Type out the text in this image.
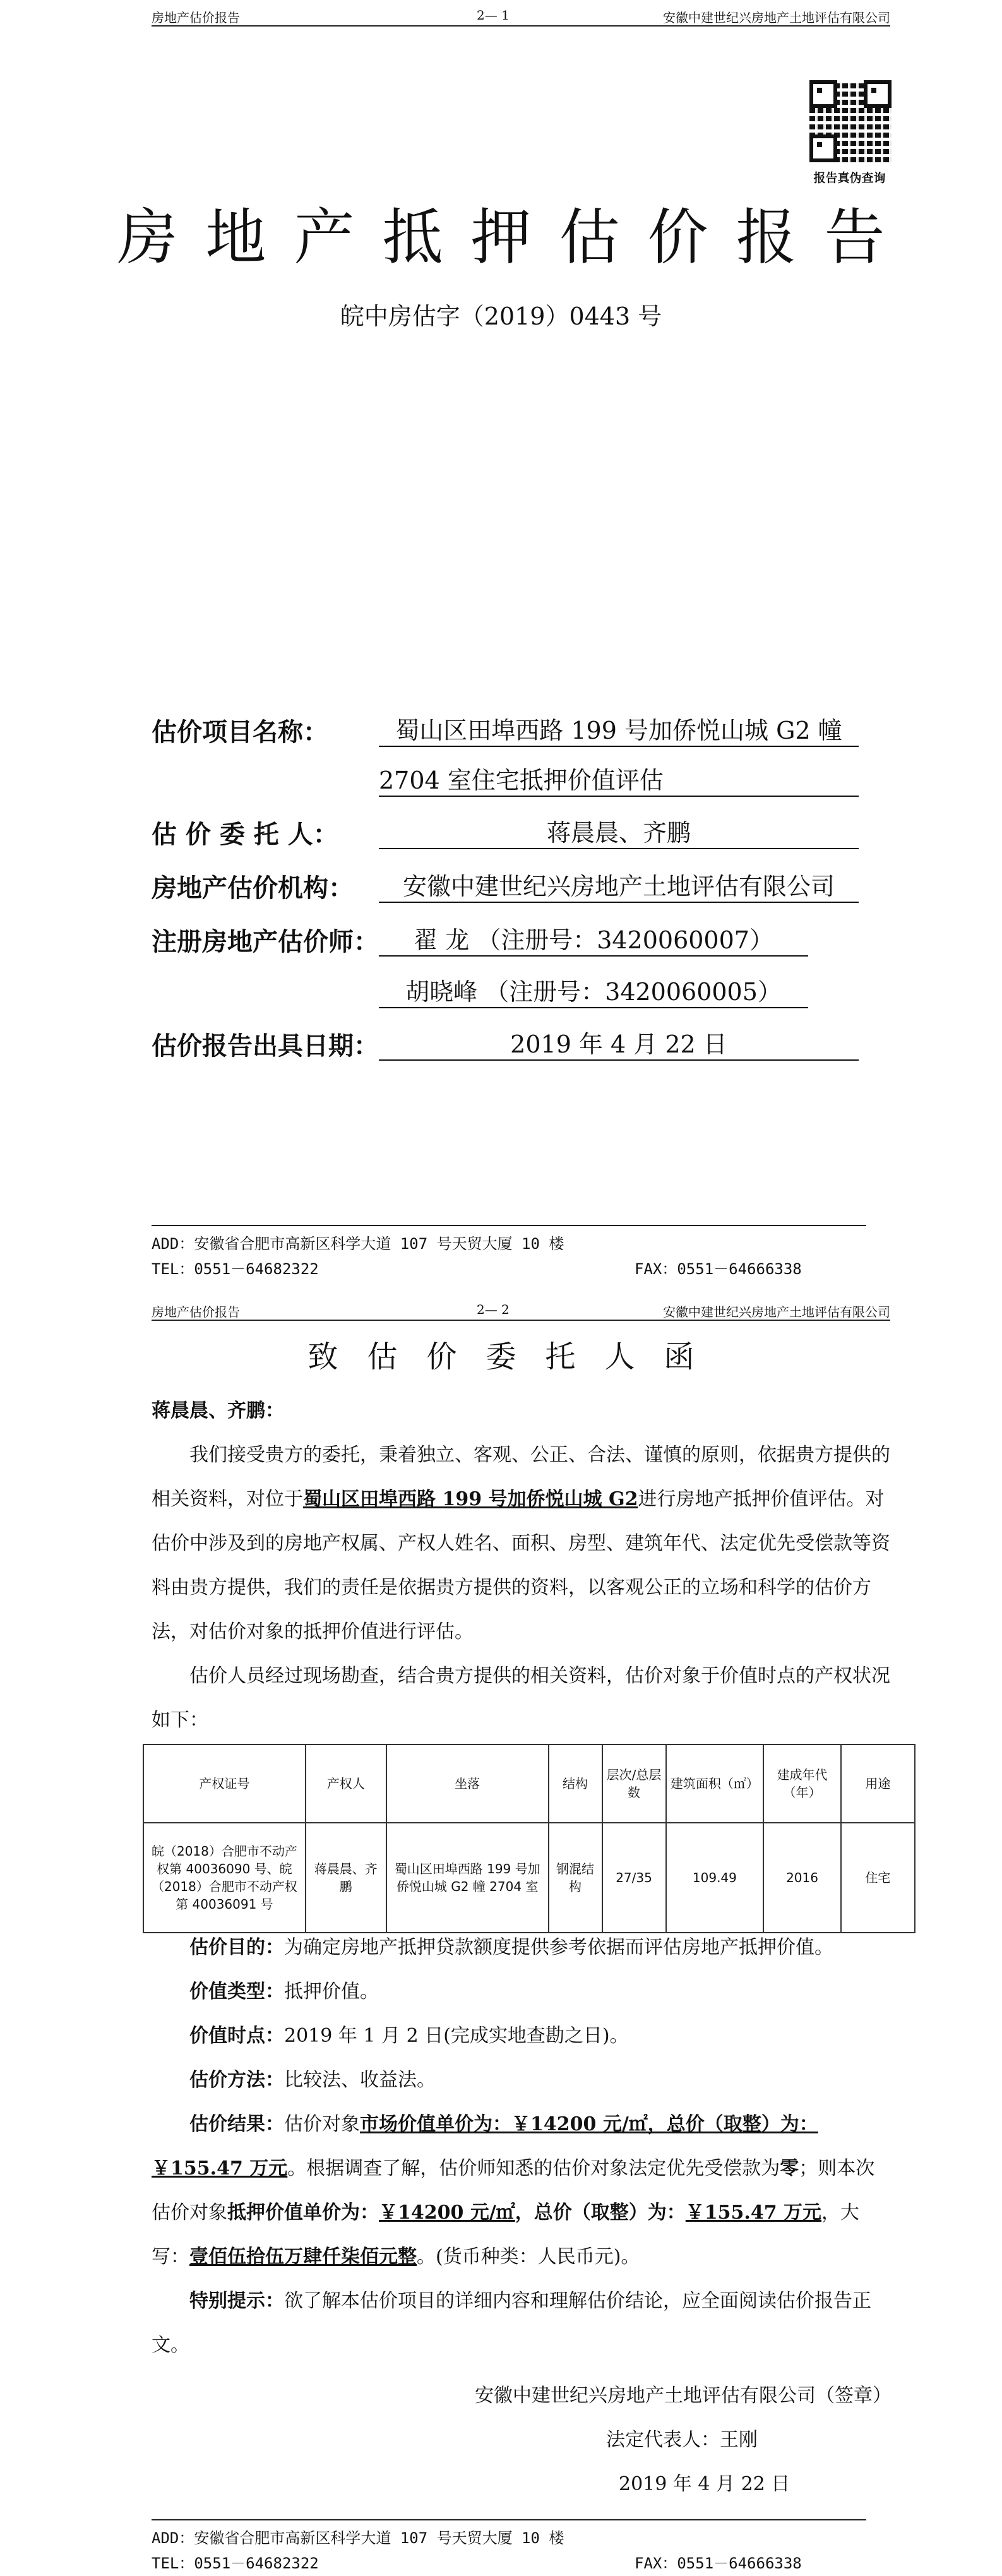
房地产估价报告	2— 1	安徽中建世纪兴房地产土地评估有限公司
报告真伪查询
房地产抵押估价报告
皖中房估字（2019）0443 号
估价项目名称：	蜀山区田埠西路 199 号加侨悦山城 G2 幢
2704 室住宅抵押价值评估
估 价 委 托 人：	蒋晨晨、齐鹏
房地产估价机构：	安徽中建世纪兴房地产土地评估有限公司
注册房地产估价师：	翟 龙 （注册号：3420060007）
胡晓峰 （注册号：3420060005）
估价报告出具日期：	2019 年 4 月 22 日
ADD：安徽省合肥市高新区科学大道 107 号天贸大厦 10 楼
TEL：0551－64682322	FAX：0551－64666338
房地产估价报告	2— 2	安徽中建世纪兴房地产土地评估有限公司
致估价委托人函
蒋晨晨、齐鹏：
我们接受贵方的委托，秉着独立、客观、公正、合法、谨慎的原则，依据贵方提供的相关资料，对位于蜀山区田埠西路 199 号加侨悦山城 G2进行房地产抵押价值评估。对估价中涉及到的房地产权属、产权人姓名、面积、房型、建筑年代、法定优先受偿款等资料由贵方提供，我们的责任是依据贵方提供的资料，以客观公正的立场和科学的估价方法，对估价对象的抵押价值进行评估。
估价人员经过现场勘查，结合贵方提供的相关资料，估价对象于价值时点的产权状况如下：
产权证号	产权人	坐落	结构	层次/总层数	建筑面积（㎡）	建成年代（年）	用途
皖（2018）合肥市不动产权第 40036090 号、皖（2018）合肥市不动产权第 40036091 号	蒋晨晨、齐鹏	蜀山区田埠西路 199 号加侨悦山城 G2 幢 2704 室	钢混结构	27/35	109.49	2016	住宅
估价目的：为确定房地产抵押贷款额度提供参考依据而评估房地产抵押价值。
价值类型：抵押价值。
价值时点：2019 年 1 月 2 日(完成实地查勘之日)。
估价方法：比较法、收益法。
估价结果：估价对象市场价值单价为：￥14200 元/㎡，总价（取整）为：￥155.47 万元。根据调查了解，估价师知悉的估价对象法定优先受偿款为零；则本次估价对象抵押价值单价为：￥14200 元/㎡，总价（取整）为：￥155.47 万元，大写：壹佰伍拾伍万肆仟柒佰元整。(货币种类：人民币元)。
特别提示：欲了解本估价项目的详细内容和理解估价结论，应全面阅读估价报告正文。
安徽中建世纪兴房地产土地评估有限公司（签章）
法定代表人：王刚
2019 年 4 月 22 日
ADD：安徽省合肥市高新区科学大道 107 号天贸大厦 10 楼
TEL：0551－64682322	FAX：0551－64666338
